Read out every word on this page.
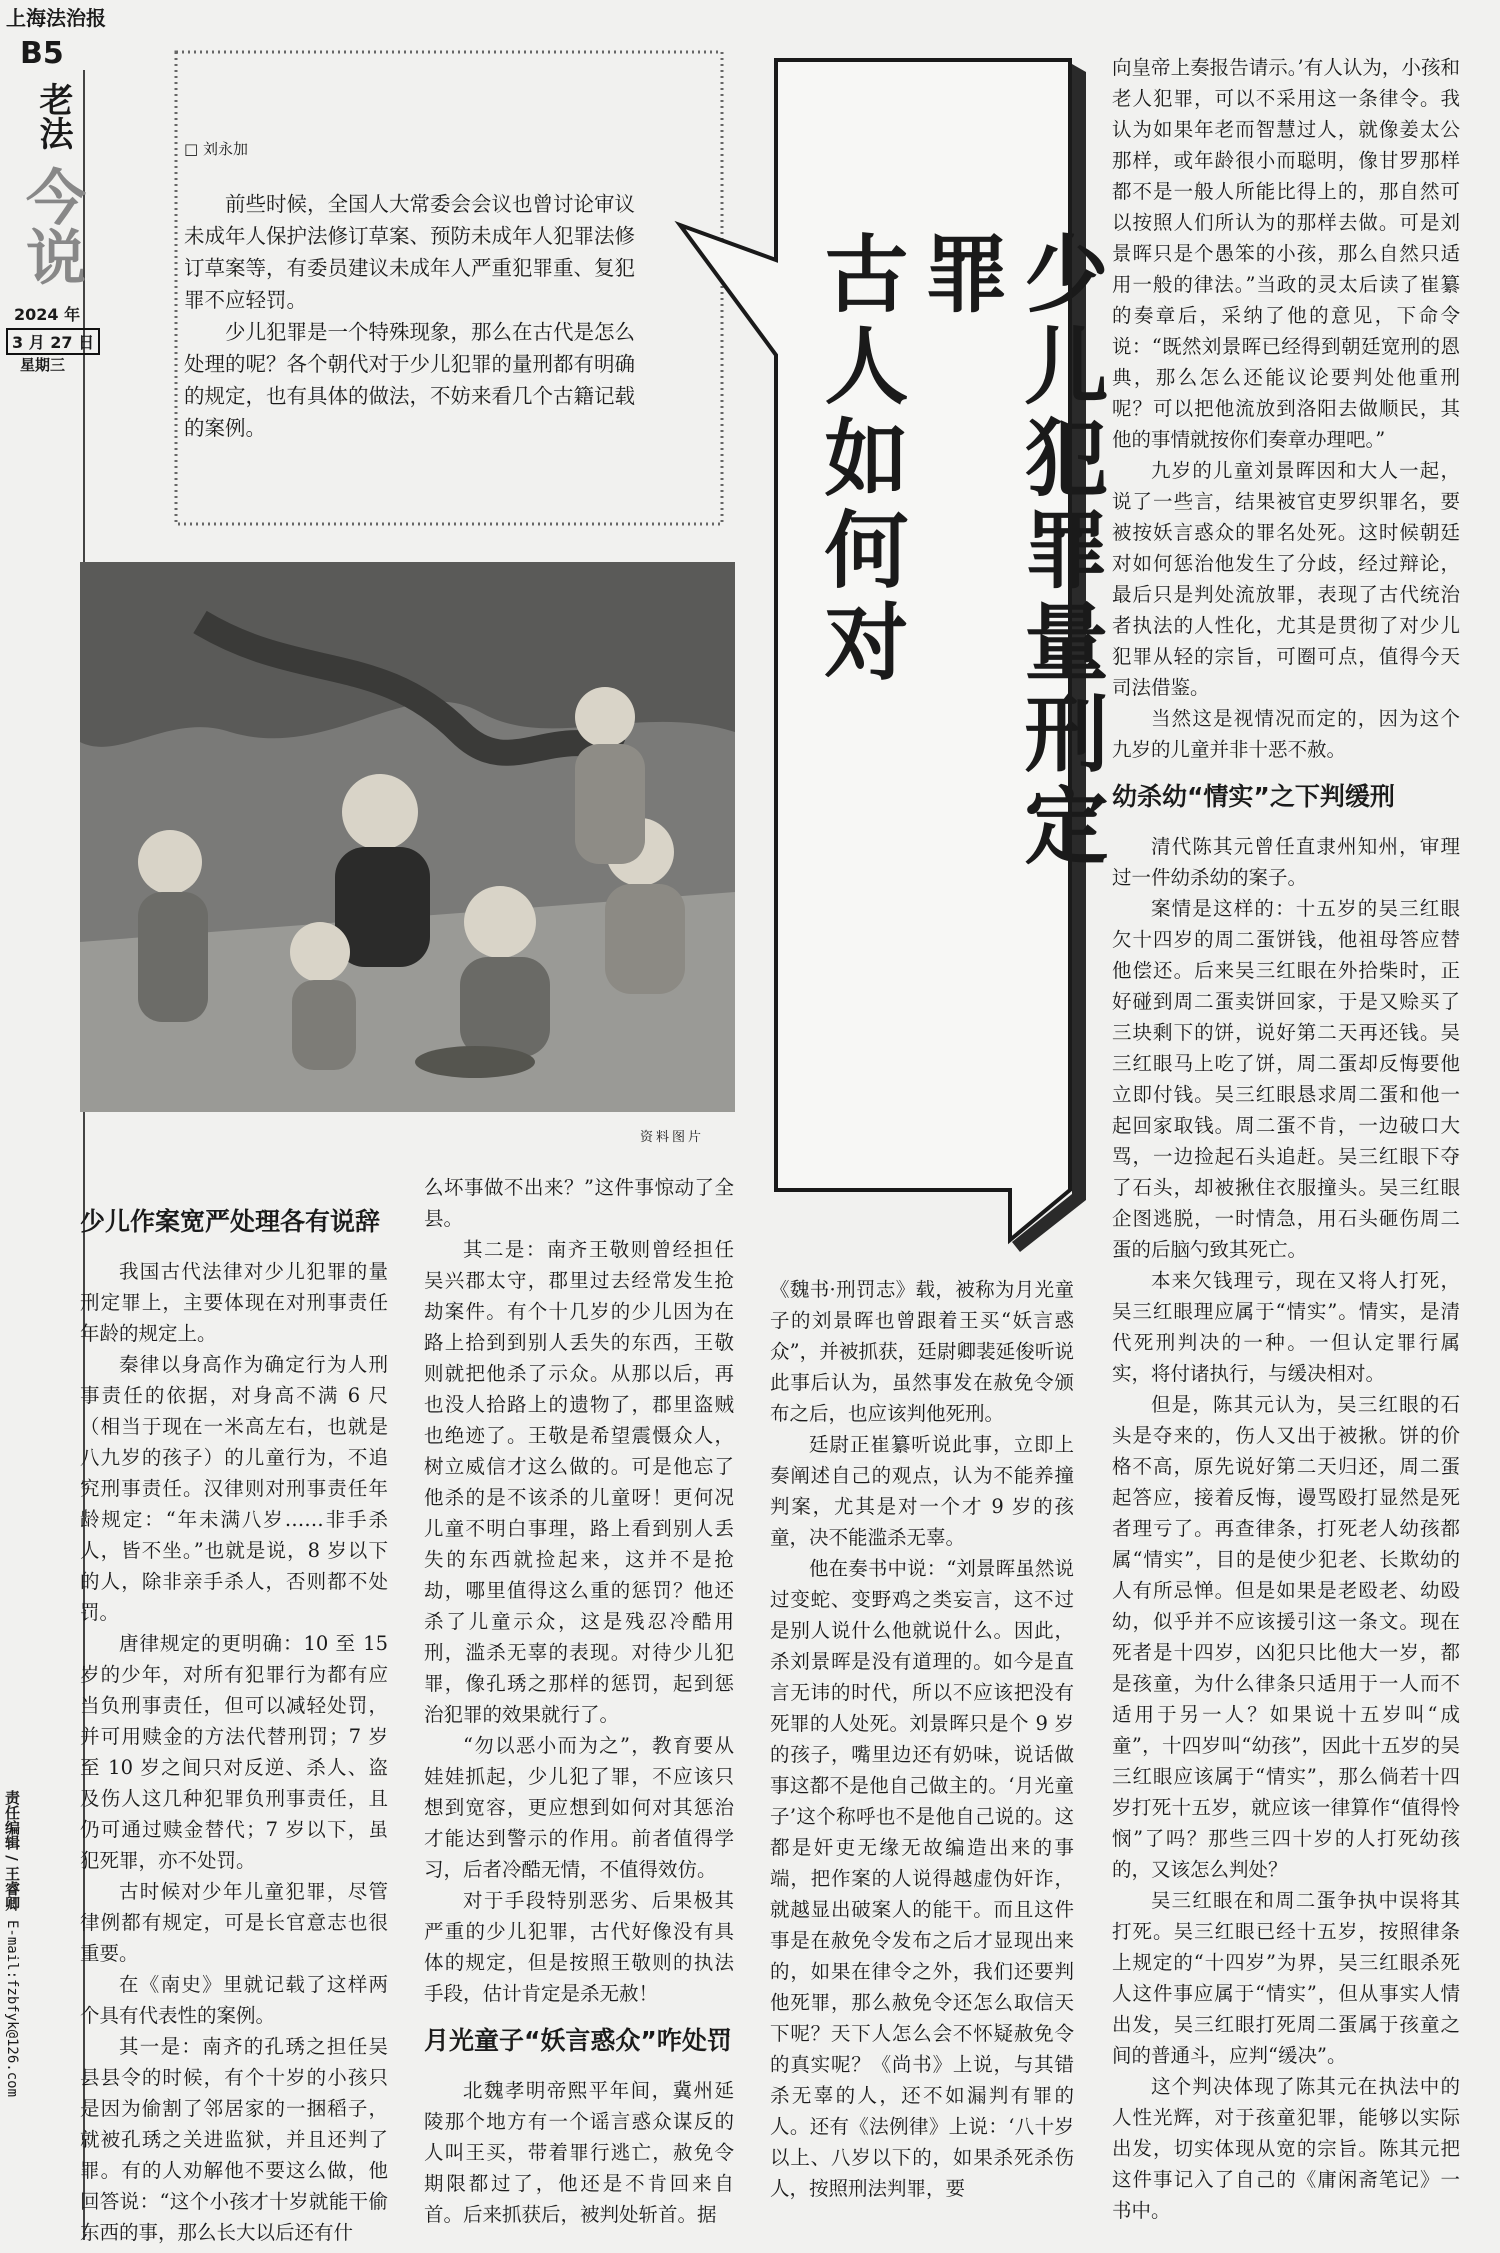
上海法治报
B5
老法
今说
2024 年
3 月 27 日
星期三
责任编辑 / 王睿卿
E-mail:fzbfyk@126.com
少儿犯罪量刑定罪
古人如何对
□ 刘永加

前些时候，全国人大常委会会议也曾讨论审议未成年人保护法修订草案、预防未成年人犯罪法修订草案等，有委员建议未成年人严重犯罪重、复犯罪不应轻罚。

少儿犯罪是一个特殊现象，那么在古代是怎么处理的呢？各个朝代对于少儿犯罪的量刑都有明确的规定，也有具体的做法，不妨来看几个古籍记载的案例。

资料图片
少儿作案宽严处理各有说辞

我国古代法律对少儿犯罪的量刑定罪上，主要体现在对刑事责任年龄的规定上。

秦律以身高作为确定行为人刑事责任的依据，对身高不满 6 尺（相当于现在一米高左右，也就是八九岁的孩子）的儿童行为，不追究刑事责任。汉律则对刑事责任年龄规定：“年未满八岁……非手杀人，皆不坐。”也就是说，8 岁以下的人，除非亲手杀人，否则都不处罚。

唐律规定的更明确：10 至 15 岁的少年，对所有犯罪行为都有应当负刑事责任，但可以减轻处罚，并可用赎金的方法代替刑罚；7 岁至 10 岁之间只对反逆、杀人、盗及伤人这几种犯罪负刑事责任，且仍可通过赎金替代；7 岁以下，虽犯死罪，亦不处罚。

古时候对少年儿童犯罪，尽管律例都有规定，可是长官意志也很重要。

在《南史》里就记载了这样两个具有代表性的案例。

其一是：南齐的孔琇之担任吴县县令的时候，有个十岁的小孩只是因为偷割了邻居家的一捆稻子，就被孔琇之关进监狱，并且还判了罪。有的人劝解他不要这么做，他回答说：“这个小孩才十岁就能干偷东西的事，那么长大以后还有什

么坏事做不出来？”这件事惊动了全县。

其二是：南齐王敬则曾经担任吴兴郡太守，郡里过去经常发生抢劫案件。有个十几岁的少儿因为在路上拾到到别人丢失的东西，王敬则就把他杀了示众。从那以后，再也没人拾路上的遗物了，郡里盗贼也绝迹了。王敬是希望震慑众人，树立威信才这么做的。可是他忘了他杀的是不该杀的儿童呀！更何况儿童不明白事理，路上看到别人丢失的东西就捡起来，这并不是抢劫，哪里值得这么重的惩罚？他还杀了儿童示众，这是残忍冷酷用刑，滥杀无辜的表现。对待少儿犯罪，像孔琇之那样的惩罚，起到惩治犯罪的效果就行了。

“勿以恶小而为之”，教育要从娃娃抓起，少儿犯了罪，不应该只想到宽容，更应想到如何对其惩治才能达到警示的作用。前者值得学习，后者冷酷无情，不值得效仿。

对于手段特别恶劣、后果极其严重的少儿犯罪，古代好像没有具体的规定，但是按照王敬则的执法手段，估计肯定是杀无赦！

月光童子“妖言惑众”咋处罚

北魏孝明帝熙平年间，冀州延陵那个地方有一个谣言惑众谋反的人叫王买，带着罪行逃亡，赦免令期限都过了，他还是不肯回来自首。后来抓获后，被判处斩首。据

《魏书·刑罚志》载，被称为月光童子的刘景晖也曾跟着王买“妖言惑众”，并被抓获，廷尉卿裴延俊听说此事后认为，虽然事发在赦免令颁布之后，也应该判他死刑。

廷尉正崔纂听说此事，立即上奏阐述自己的观点，认为不能养撞判案，尤其是对一个才 9 岁的孩童，决不能滥杀无辜。

他在奏书中说：“刘景晖虽然说过变蛇、变野鸡之类妄言，这不过是别人说什么他就说什么。因此，杀刘景晖是没有道理的。如今是直言无讳的时代，所以不应该把没有死罪的人处死。刘景晖只是个 9 岁的孩子，嘴里边还有奶味，说话做事这都不是他自己做主的。‘月光童子’这个称呼也不是他自己说的。这都是奸吏无缘无故编造出来的事端，把作案的人说得越虚伪奸诈，就越显出破案人的能干。而且这件事是在赦免令发布之后才显现出来的，如果在律令之外，我们还要判他死罪，那么赦免令还怎么取信天下呢？天下人怎么会不怀疑赦免令的真实呢？《尚书》上说，与其错杀无辜的人，还不如漏判有罪的人。还有《法例律》上说：‘八十岁以上、八岁以下的，如果杀死杀伤人，按照刑法判罪，要

向皇帝上奏报告请示。’有人认为，小孩和老人犯罪，可以不采用这一条律令。我认为如果年老而智慧过人，就像姜太公那样，或年龄很小而聪明，像甘罗那样都不是一般人所能比得上的，那自然可以按照人们所认为的那样去做。可是刘景晖只是个愚笨的小孩，那么自然只适用一般的律法。”当政的灵太后读了崔纂的奏章后，采纳了他的意见，下命令说：“既然刘景晖已经得到朝廷宽刑的恩典，那么怎么还能议论要判处他重刑呢？可以把他流放到洛阳去做顺民，其他的事情就按你们奏章办理吧。”

九岁的儿童刘景晖因和大人一起，说了一些言，结果被官吏罗织罪名，要被按妖言惑众的罪名处死。这时候朝廷对如何惩治他发生了分歧，经过辩论，最后只是判处流放罪，表现了古代统治者执法的人性化，尤其是贯彻了对少儿犯罪从轻的宗旨，可圈可点，值得今天司法借鉴。

当然这是视情况而定的，因为这个九岁的儿童并非十恶不赦。

幼杀幼“情实”之下判缓刑

清代陈其元曾任直隶州知州，审理过一件幼杀幼的案子。

案情是这样的：十五岁的吴三红眼欠十四岁的周二蛋饼钱，他祖母答应替他偿还。后来吴三红眼在外拾柴时，正好碰到周二蛋卖饼回家，于是又赊买了三块剩下的饼，说好第二天再还钱。吴三红眼马上吃了饼，周二蛋却反悔要他立即付钱。吴三红眼恳求周二蛋和他一起回家取钱。周二蛋不肯，一边破口大骂，一边捡起石头追赶。吴三红眼下夺了石头，却被揪住衣服撞头。吴三红眼企图逃脱，一时情急，用石头砸伤周二蛋的后脑勺致其死亡。

本来欠钱理亏，现在又将人打死，吴三红眼理应属于“情实”。情实，是清代死刑判决的一种。一但认定罪行属实，将付诸执行，与缓决相对。

但是，陈其元认为，吴三红眼的石头是夺来的，伤人又出于被揪。饼的价格不高，原先说好第二天归还，周二蛋起答应，接着反悔，谩骂殴打显然是死者理亏了。再查律条，打死老人幼孩都属“情实”，目的是使少犯老、长欺幼的人有所忌惮。但是如果是老殴老、幼殴幼，似乎并不应该援引这一条文。现在死者是十四岁，凶犯只比他大一岁，都是孩童，为什么律条只适用于一人而不适用于另一人？如果说十五岁叫“成童”，十四岁叫“幼孩”，因此十五岁的吴三红眼应该属于“情实”，那么倘若十四岁打死十五岁，就应该一律算作“值得怜悯”了吗？那些三四十岁的人打死幼孩的，又该怎么判处？

吴三红眼在和周二蛋争执中误将其打死。吴三红眼已经十五岁，按照律条上规定的“十四岁”为界，吴三红眼杀死人这件事应属于“情实”，但从事实人情出发，吴三红眼打死周二蛋属于孩童之间的普通斗，应判“缓决”。

这个判决体现了陈其元在执法中的人性光辉，对于孩童犯罪，能够以实际出发，切实体现从宽的宗旨。陈其元把这件事记入了自己的《庸闲斋笔记》一书中。
